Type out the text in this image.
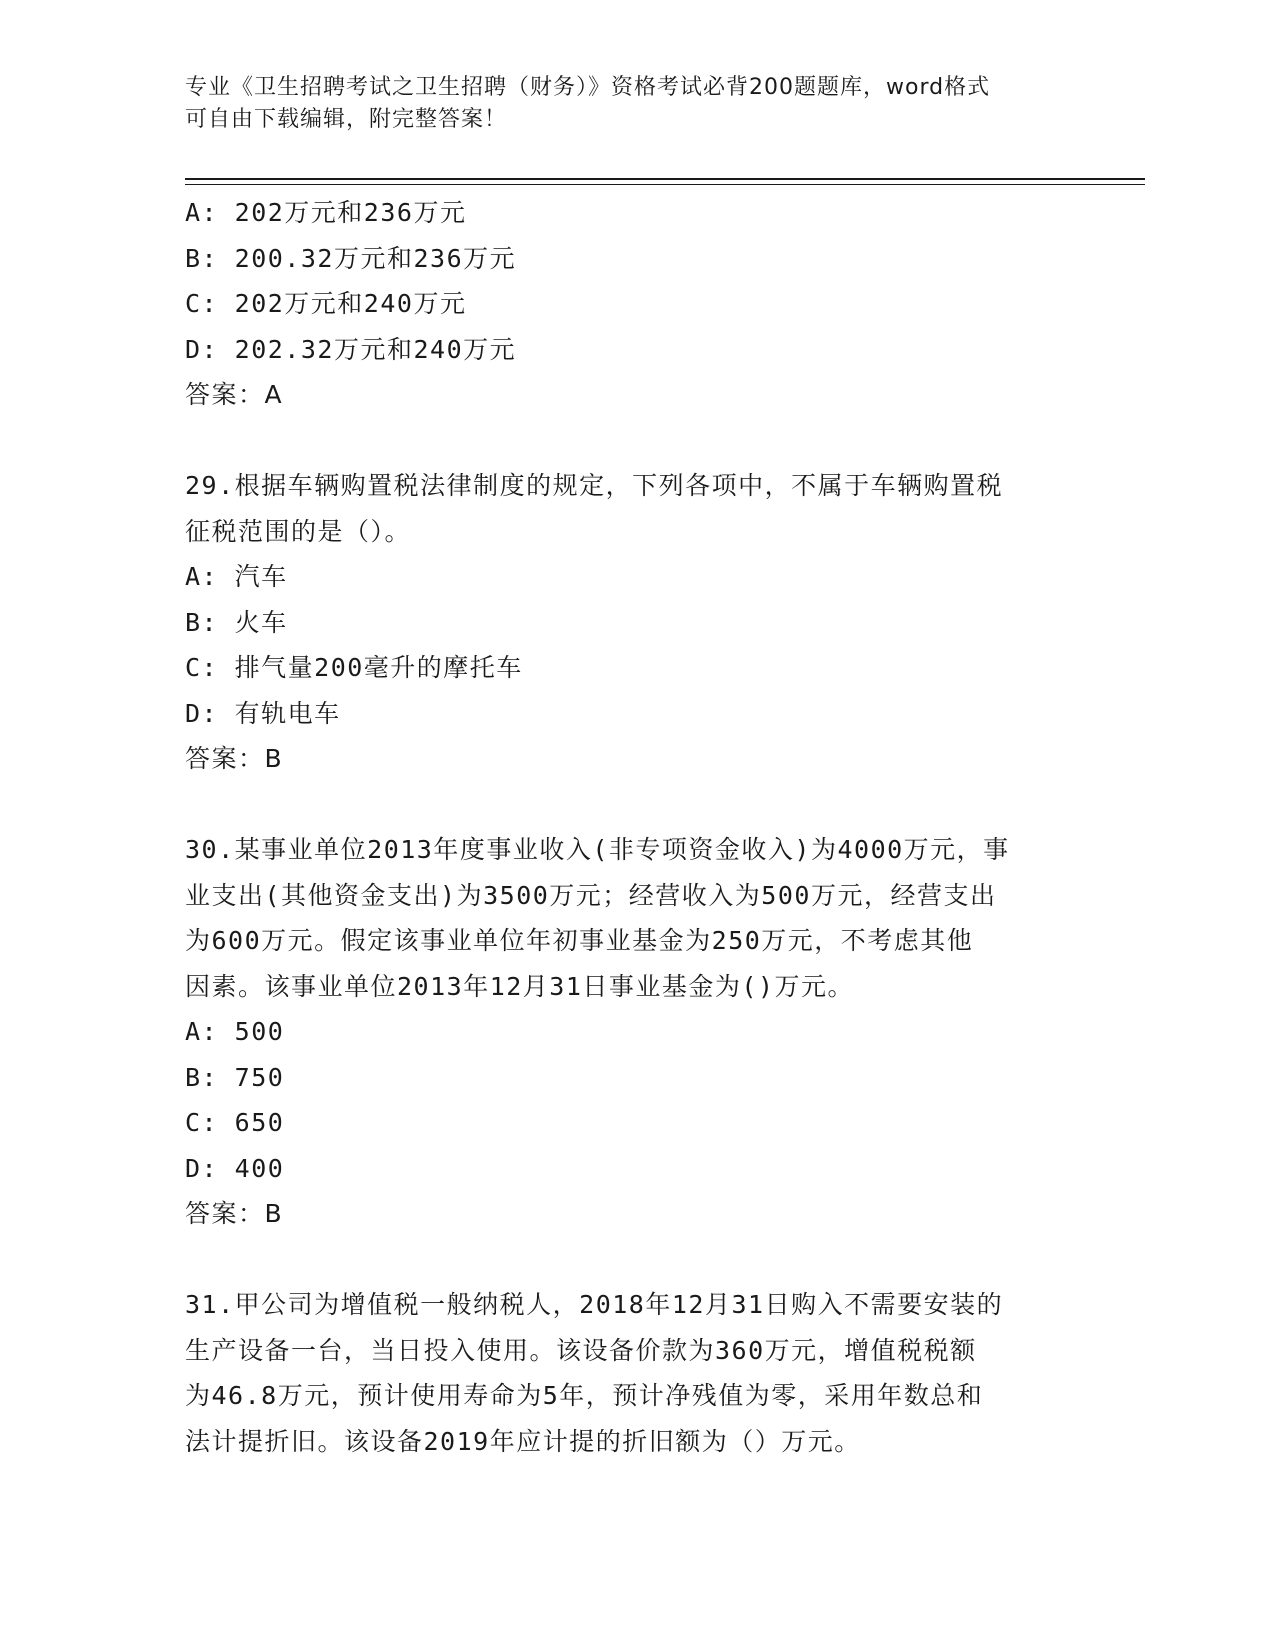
专业《卫生招聘考试之卫生招聘（财务）》资格考试必背200题题库，word格式
可自由下载编辑，附完整答案！
A: 202万元和236万元
B: 200.32万元和236万元
C: 202万元和240万元
D: 202.32万元和240万元
答案：A
29.根据车辆购置税法律制度的规定，下列各项中，不属于车辆购置税
征税范围的是（）。
A: 汽车
B: 火车
C: 排气量200毫升的摩托车
D: 有轨电车
答案：B
30.某事业单位2013年度事业收入(非专项资金收入)为4000万元，事
业支出(其他资金支出)为3500万元；经营收入为500万元，经营支出
为600万元。假定该事业单位年初事业基金为250万元，不考虑其他
因素。该事业单位2013年12月31日事业基金为()万元。
A: 500
B: 750
C: 650
D: 400
答案：B
31.甲公司为增值税一般纳税人，2018年12月31日购入不需要安装的
生产设备一台，当日投入使用。该设备价款为360万元，增值税税额
为46.8万元，预计使用寿命为5年，预计净残值为零，采用年数总和
法计提折旧。该设备2019年应计提的折旧额为（）万元。
